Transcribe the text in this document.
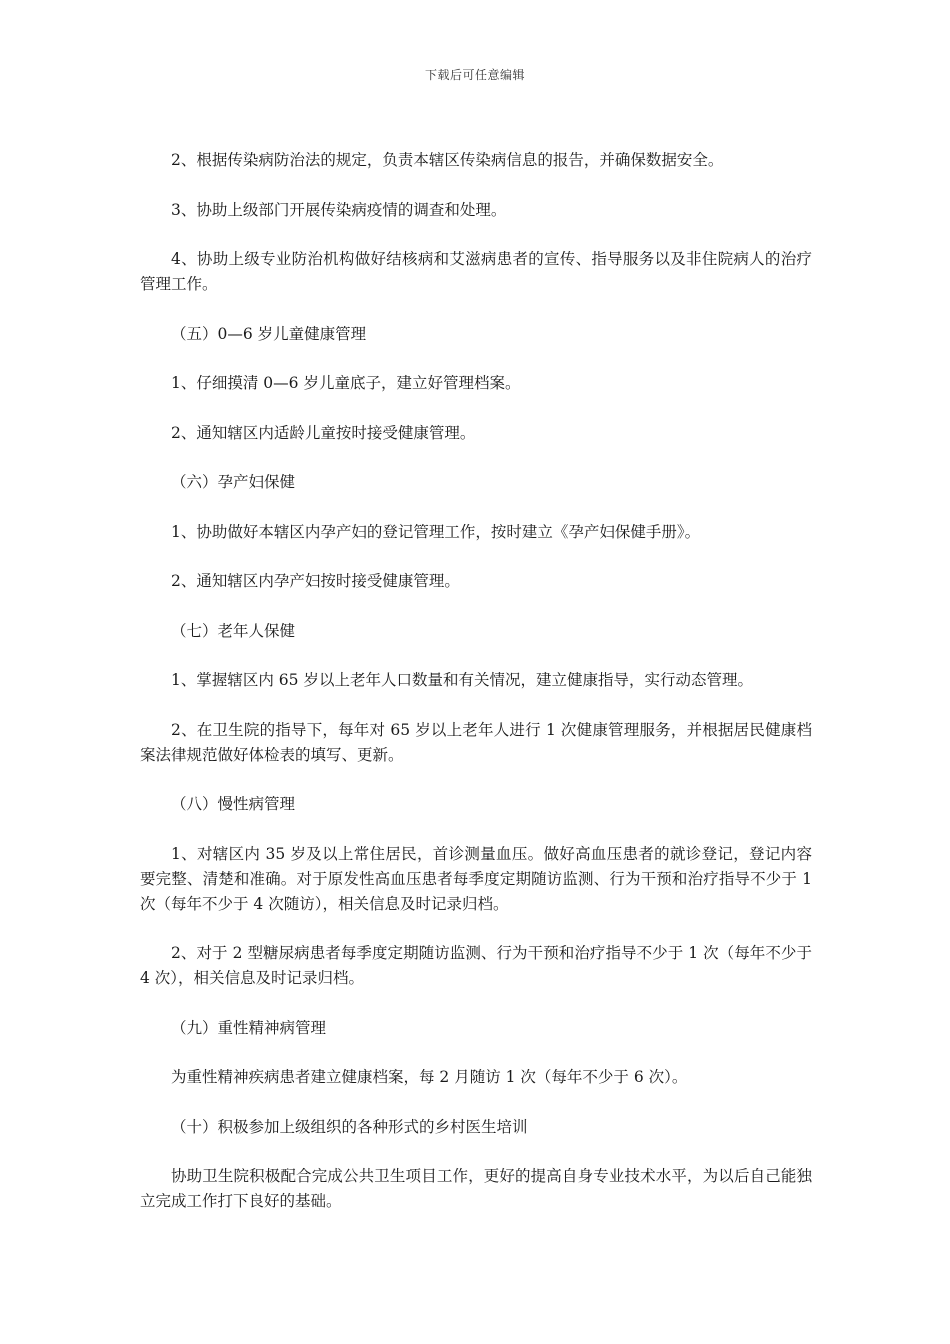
下载后可任意编辑

2、根据传染病防治法的规定，负责本辖区传染病信息的报告，并确保数据安全。

3、协助上级部门开展传染病疫情的调查和处理。

4、协助上级专业防治机构做好结核病和艾滋病患者的宣传、指导服务以及非住院病人的治疗管理工作。

（五）0—6 岁儿童健康管理

1、仔细摸清 0—6 岁儿童底子，建立好管理档案。

2、通知辖区内适龄儿童按时接受健康管理。

（六）孕产妇保健

1、协助做好本辖区内孕产妇的登记管理工作，按时建立《孕产妇保健手册》。

2、通知辖区内孕产妇按时接受健康管理。

（七）老年人保健

1、掌握辖区内 65 岁以上老年人口数量和有关情况，建立健康指导，实行动态管理。

2、在卫生院的指导下，每年对 65 岁以上老年人进行 1 次健康管理服务，并根据居民健康档案法律规范做好体检表的填写、更新。

（八）慢性病管理

1、对辖区内 35 岁及以上常住居民，首诊测量血压。做好高血压患者的就诊登记，登记内容要完整、清楚和准确。对于原发性高血压患者每季度定期随访监测、行为干预和治疗指导不少于 1 次（每年不少于 4 次随访），相关信息及时记录归档。

2、对于 2 型糖尿病患者每季度定期随访监测、行为干预和治疗指导不少于 1 次（每年不少于 4 次），相关信息及时记录归档。

（九）重性精神病管理

为重性精神疾病患者建立健康档案，每 2 月随访 1 次（每年不少于 6 次）。

（十）积极参加上级组织的各种形式的乡村医生培训

协助卫生院积极配合完成公共卫生项目工作，更好的提高自身专业技术水平，为以后自己能独立完成工作打下良好的基础。
